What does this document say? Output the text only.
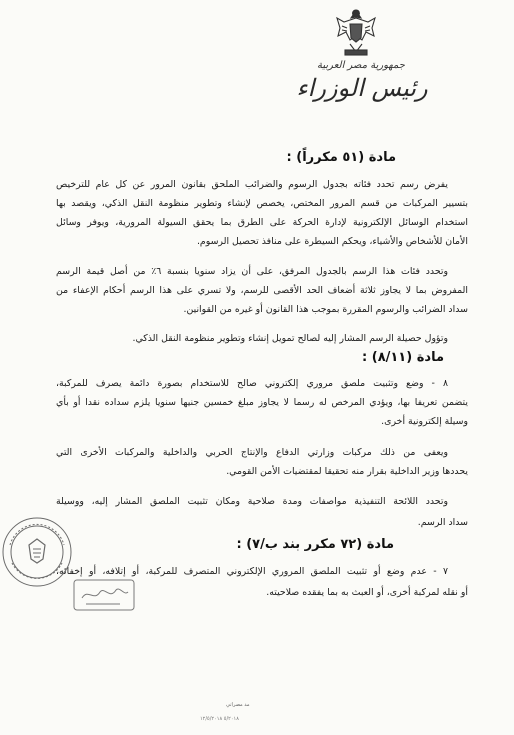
جمهورية مصر العربية
رئيس الوزراء
مادة (٥١ مكرراً) :
يفرض رسم تحدد فئاته بجدول الرسوم والضرائب الملحق بقانون المرور عن كل عام للترخيص
بتسيير المركبات من قسم المرور المختص، يخصص لإنشاء وتطوير منظومة النقل الذكي، ويقصد بها
استخدام الوسائل الإلكترونية لإدارة الحركة على الطرق بما يحقق السيولة المرورية، ويوفر وسائل
الأمان للأشخاص والأشياء، ويحكم السيطرة على منافذ تحصيل الرسوم.
وتحدد فئات هذا الرسم بالجدول المرفق، على أن يزاد سنويا بنسبة ٦٪ من أصل قيمة الرسم
المفروض بما لا يجاوز ثلاثة أضعاف الحد الأقصى للرسم، ولا تسري على هذا الرسم أحكام الإعفاء من
سداد الضرائب والرسوم المقررة بموجب هذا القانون أو غيره من القوانين.
وتؤول حصيلة الرسم المشار إليه لصالح تمويل إنشاء وتطوير منظومة النقل الذكي.
مادة (٨/١١) :
٨ - وضع وتثبيت ملصق مروري إلكتروني صالح للاستخدام بصورة دائمة يصرف للمركبة،
يتضمن تعريفا بها، ويؤدي المرخص له رسما لا يجاوز مبلغ خمسين جنيها سنويا يلزم سداده نقدا أو بأي
وسيلة إلكترونية أخرى.
ويعفى من ذلك مركبات وزارتي الدفاع والإنتاج الحربي والداخلية والمركبات الأخرى التي
يحددها وزير الداخلية بقرار منه تحقيقا لمقتضيات الأمن القومي.
وتحدد اللائحة التنفيذية مواصفات ومدة صلاحية ومكان تثبيت الملصق المشار إليه، ووسيلة
سداد الرسم.
مادة (٧٢ مكرر بند ب/٧) :
٧ - عدم وضع أو تثبيت الملصق المروري الإلكتروني المتصرف للمركبة، أو إتلافه، أو إخفائه،
أو نقله لمركبة أخرى، أو العبث به بما يفقده صلاحيته.
مد مصراتي
٥/٢٠١٨ ١٢/٥/٢٠١٨
